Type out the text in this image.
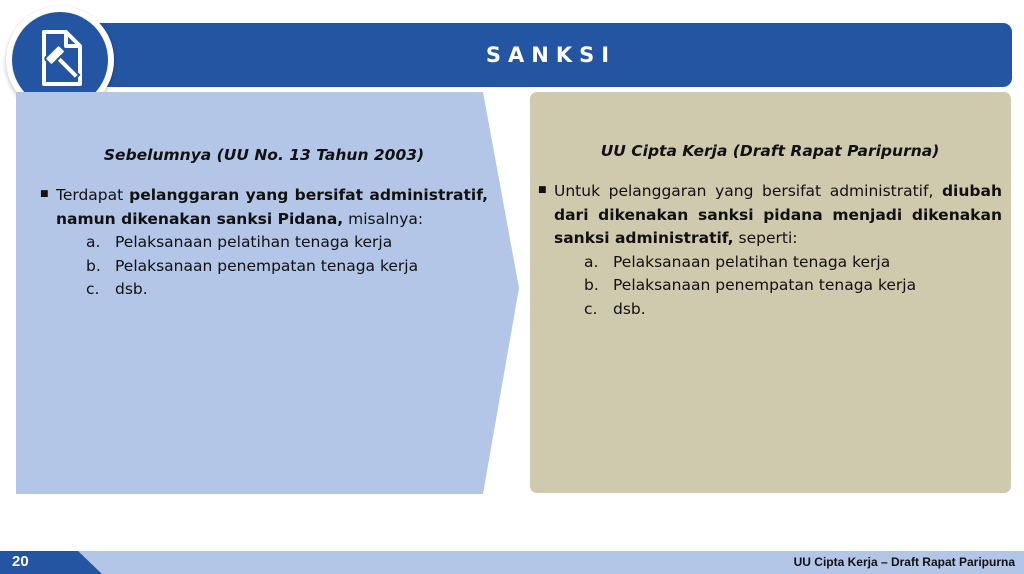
SANKSI
Sebelumnya (UU No. 13 Tahun 2003)
■ Terdapat pelanggaran yang bersifat administratif, namun dikenakan sanksi Pidana, misalnya:
a. Pelaksanaan pelatihan tenaga kerja
b. Pelaksanaan penempatan tenaga kerja
c.	dsb.
UU Cipta Kerja (Draft Rapat Paripurna)
■ Untuk pelanggaran yang bersifat administratif, diubah dari dikenakan sanksi pidana menjadi dikenakan sanksi administratif, seperti:
a. Pelaksanaan pelatihan tenaga kerja
b. Pelaksanaan penempatan tenaga kerja
c.	dsb.
20	UU Cipta Kerja – Draft Rapat Paripurna
